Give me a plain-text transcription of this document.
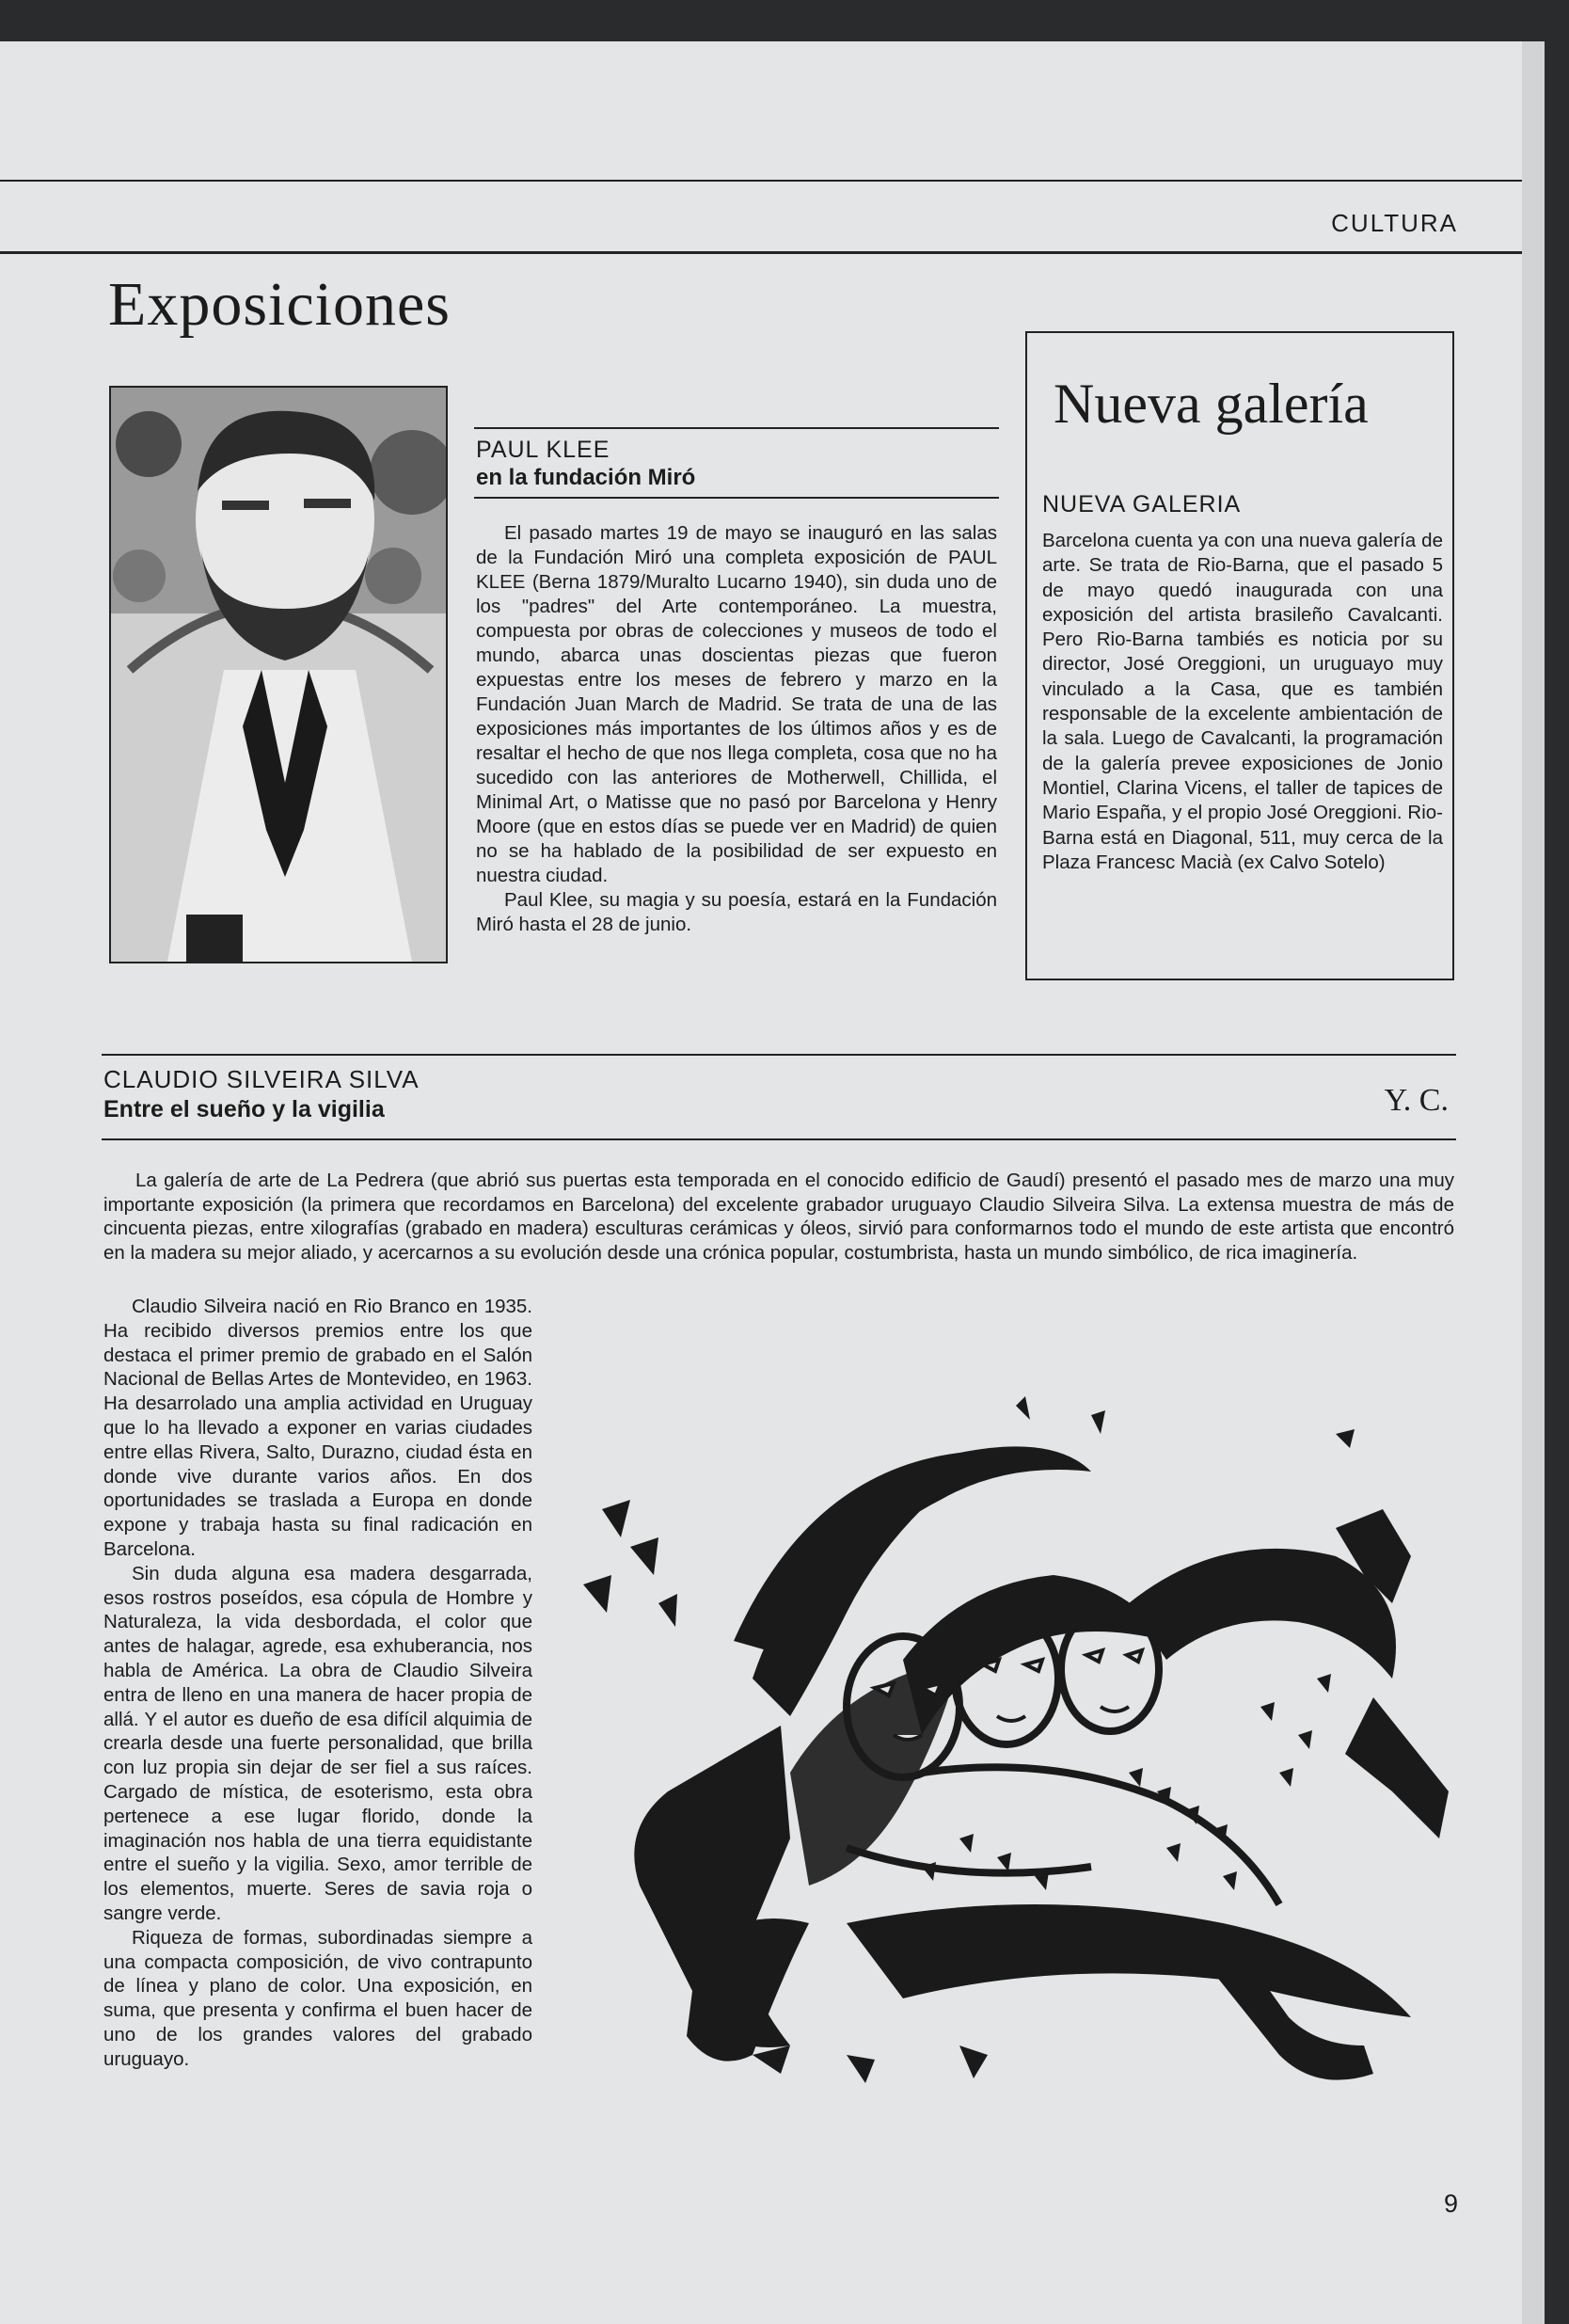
CULTURA
Exposiciones
PAUL KLEE
en la fundación Miró

El pasado martes 19 de mayo se inauguró en las salas de la Fundación Miró una completa exposición de PAUL KLEE (Berna 1879/Muralto Lucarno 1940), sin duda uno de los "padres" del Arte contemporáneo. La muestra, compuesta por obras de colecciones y museos de todo el mundo, abarca unas doscientas piezas que fueron expuestas entre los meses de febrero y marzo en la Fundación Juan March de Madrid. Se trata de una de las exposiciones más importantes de los últimos años y es de resaltar el hecho de que nos llega completa, cosa que no ha sucedido con las anteriores de Motherwell, Chillida, el Minimal Art, o Matisse que no pasó por Barcelona y Henry Moore (que en estos días se puede ver en Madrid) de quien no se ha hablado de la posibilidad de ser expuesto en nuestra ciudad.

Paul Klee, su magia y su poesía, estará en la Fundación Miró hasta el 28 de junio.

Nueva galería
NUEVA GALERIA
Barcelona cuenta ya con una nueva galería de arte. Se trata de Rio-Barna, que el pasado 5 de mayo quedó inaugurada con una exposición del artista brasileño Cavalcanti. Pero Rio-Barna tambiés es noticia por su director, José Oreggioni, un uruguayo muy vinculado a la Casa, que es también responsable de la excelente ambientación de la sala. Luego de Cavalcanti, la programación de la galería prevee exposiciones de Jonio Montiel, Clarina Vicens, el taller de tapices de Mario España, y el propio José Oreggioni. Rio-Barna está en Diagonal, 511, muy cerca de la Plaza Francesc Macià (ex Calvo Sotelo)
CLAUDIO SILVEIRA SILVA
Entre el sueño y la vigilia	Y. C.
La galería de arte de La Pedrera (que abrió sus puertas esta temporada en el conocido edificio de Gaudí) presentó el pasado mes de marzo una muy importante exposición (la primera que recordamos en Barcelona) del excelente grabador uruguayo Claudio Silveira Silva. La extensa muestra de más de cincuenta piezas, entre xilografías (grabado en madera) esculturas cerámicas y óleos, sirvió para conformarnos todo el mundo de este artista que encontró en la madera su mejor aliado, y acercarnos a su evolución desde una crónica popular, costumbrista, hasta un mundo simbólico, de rica imaginería.

Claudio Silveira nació en Rio Branco en 1935. Ha recibido diversos premios entre los que destaca el primer premio de grabado en el Salón Nacional de Bellas Artes de Montevideo, en 1963. Ha desarrolado una amplia actividad en Uruguay que lo ha llevado a exponer en varias ciudades entre ellas Rivera, Salto, Durazno, ciudad ésta en donde vive durante varios años. En dos oportunidades se traslada a Europa en donde expone y trabaja hasta su final radicación en Barcelona.

Sin duda alguna esa madera desgarrada, esos rostros poseídos, esa cópula de Hombre y Naturaleza, la vida desbordada, el color que antes de halagar, agrede, esa exhuberancia, nos habla de América. La obra de Claudio Silveira entra de lleno en una manera de hacer propia de allá. Y el autor es dueño de esa difícil alquimia de crearla desde una fuerte personalidad, que brilla con luz propia sin dejar de ser fiel a sus raíces. Cargado de mística, de esoterismo, esta obra pertenece a ese lugar florido, donde la imaginación nos habla de una tierra equidistante entre el sueño y la vigilia. Sexo, amor terrible de los elementos, muerte. Seres de savia roja o sangre verde.

Riqueza de formas, subordinadas siempre a una compacta composición, de vivo contrapunto de línea y plano de color. Una exposición, en suma, que presenta y confirma el buen hacer de uno de los grandes valores del grabado uruguayo.

9
